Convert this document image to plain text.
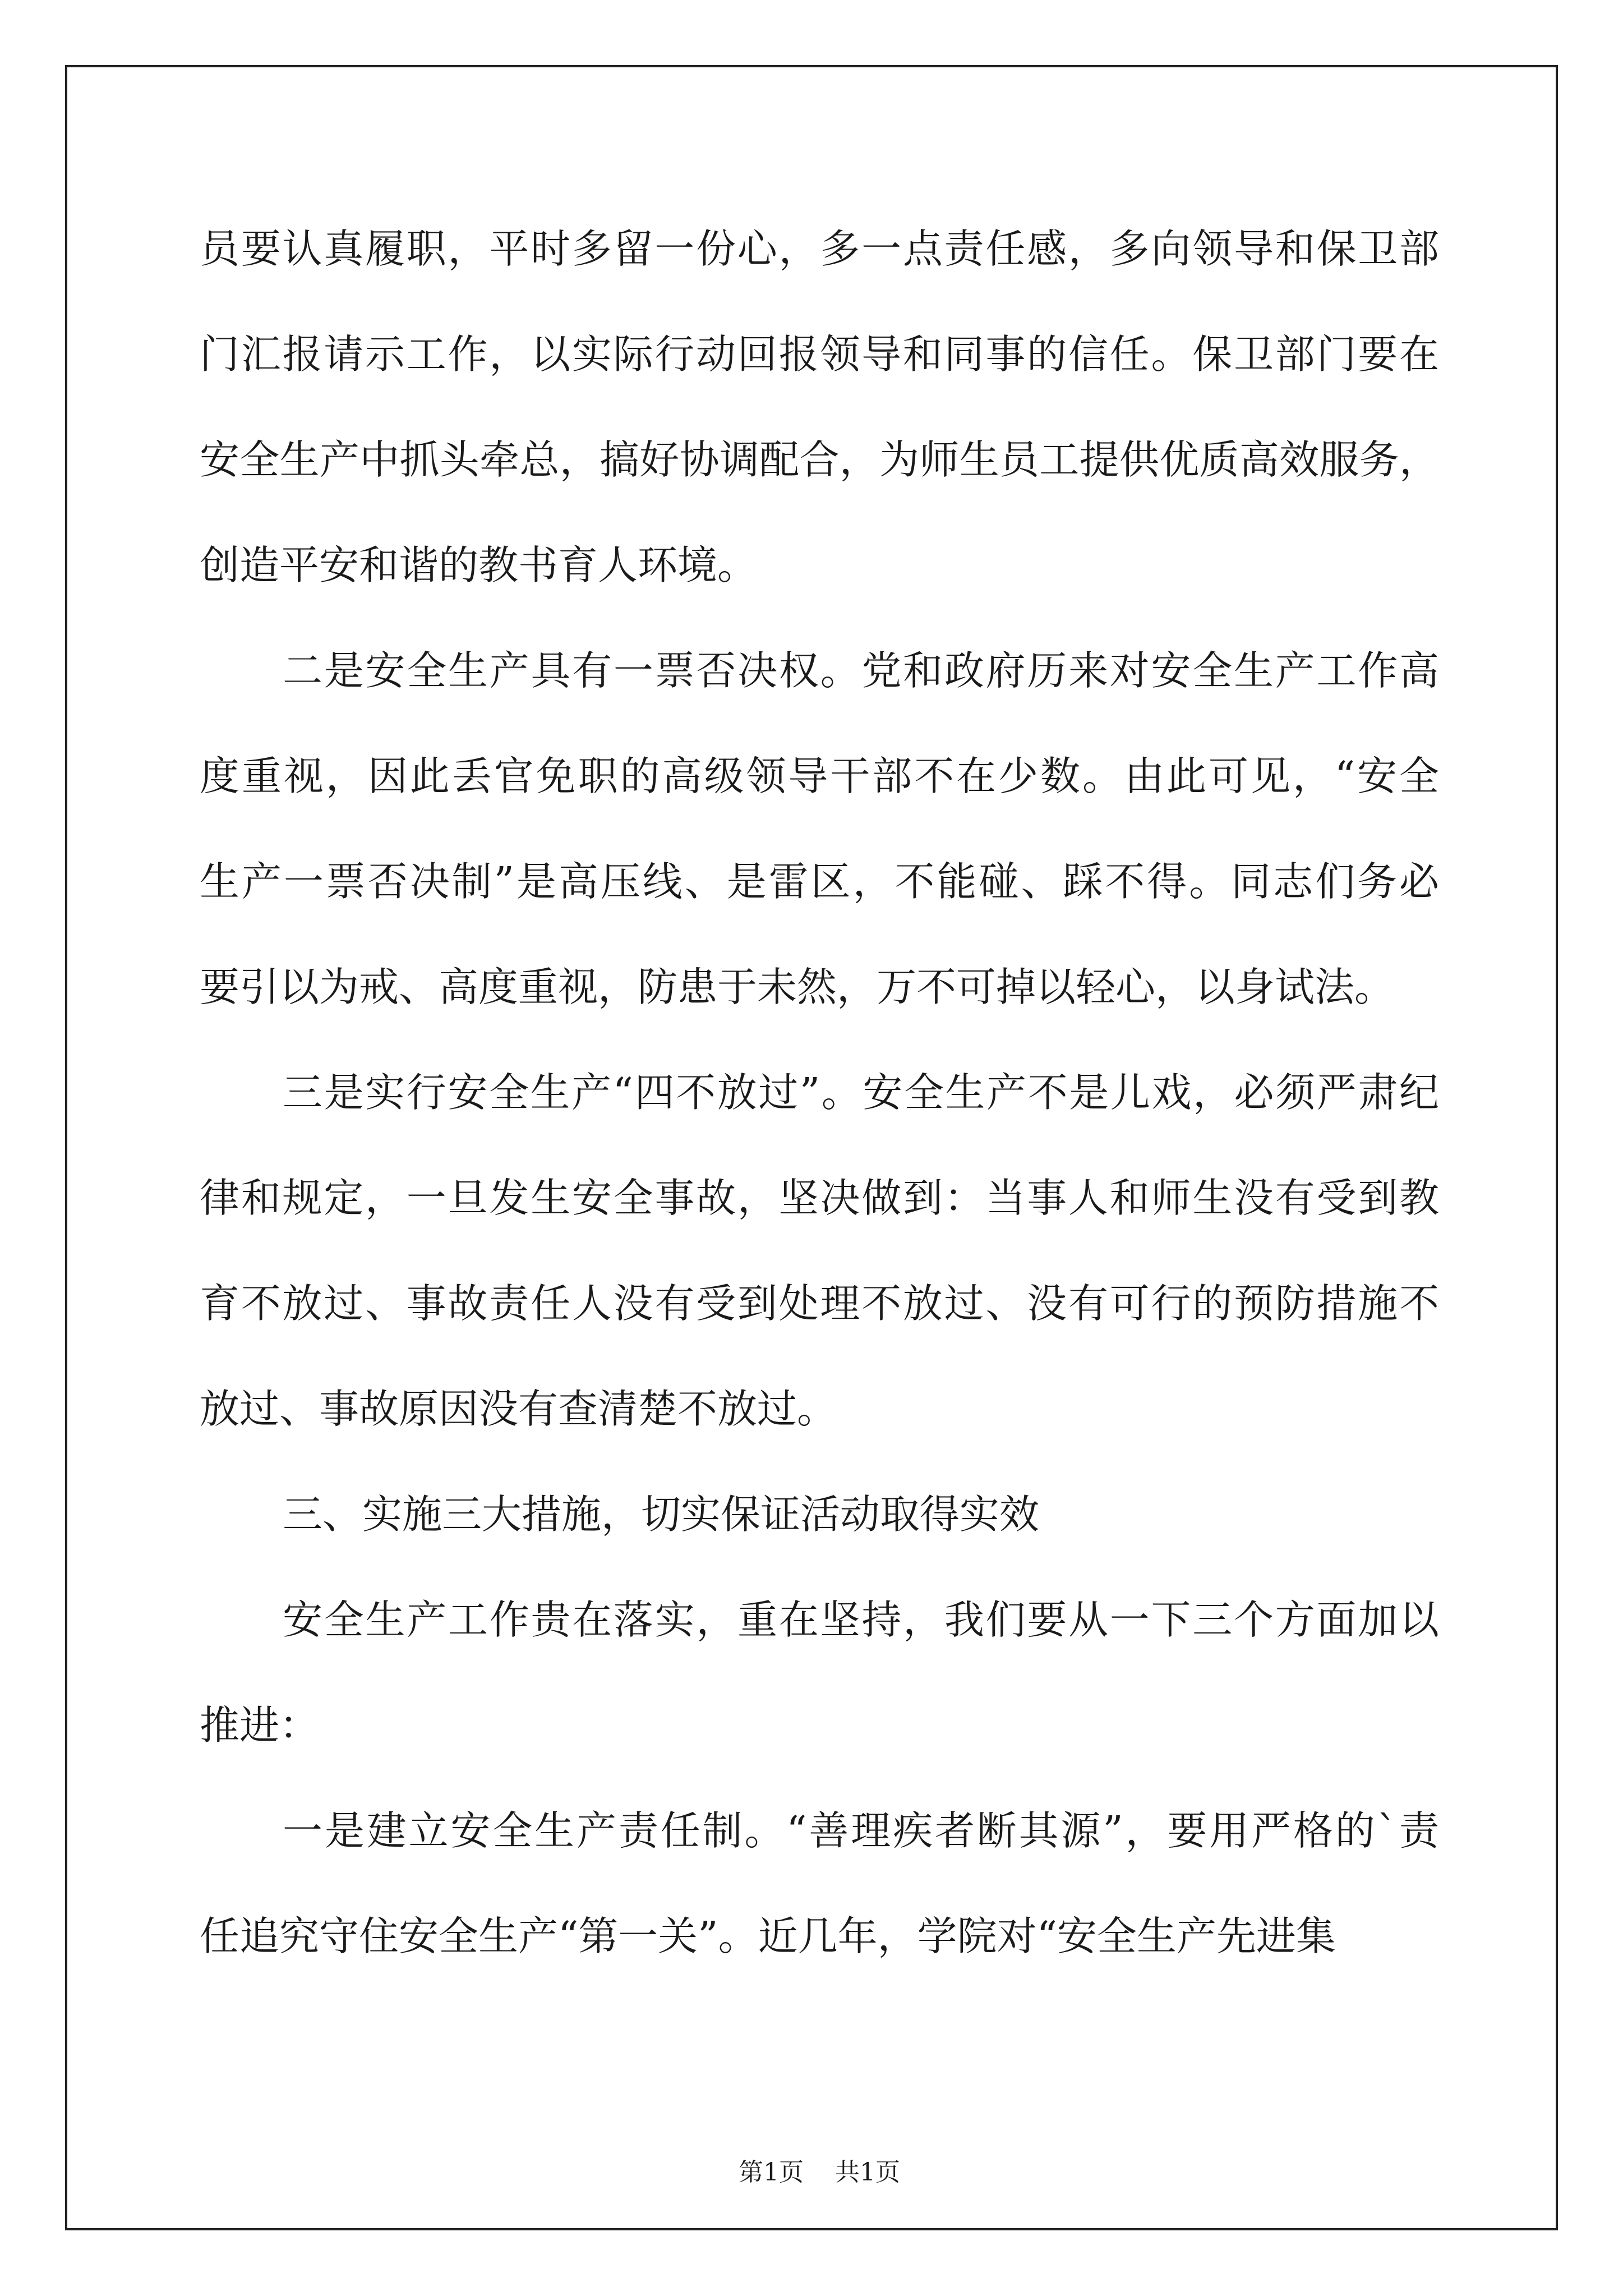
员要认真履职，平时多留一份心，多一点责任感，多向领导和保卫部
门汇报请示工作，以实际行动回报领导和同事的信任。保卫部门要在
安全生产中抓头牵总，搞好协调配合，为师生员工提供优质高效服务，
创造平安和谐的教书育人环境。
二是安全生产具有一票否决权。党和政府历来对安全生产工作高
度重视，因此丢官免职的高级领导干部不在少数。由此可见，“安全
生产一票否决制”是高压线、是雷区，不能碰、踩不得。同志们务必
要引以为戒、高度重视，防患于未然，万不可掉以轻心，以身试法。
三是实行安全生产“四不放过”。安全生产不是儿戏，必须严肃纪
律和规定，一旦发生安全事故，坚决做到：当事人和师生没有受到教
育不放过、事故责任人没有受到处理不放过、没有可行的预防措施不
放过、事故原因没有查清楚不放过。
三、实施三大措施，切实保证活动取得实效
安全生产工作贵在落实，重在坚持，我们要从一下三个方面加以
推进：
一是建立安全生产责任制。“善理疾者断其源”，要用严格的`责
任追究守住安全生产“第一关”。近几年，学院对“安全生产先进集

第1页    共1页
